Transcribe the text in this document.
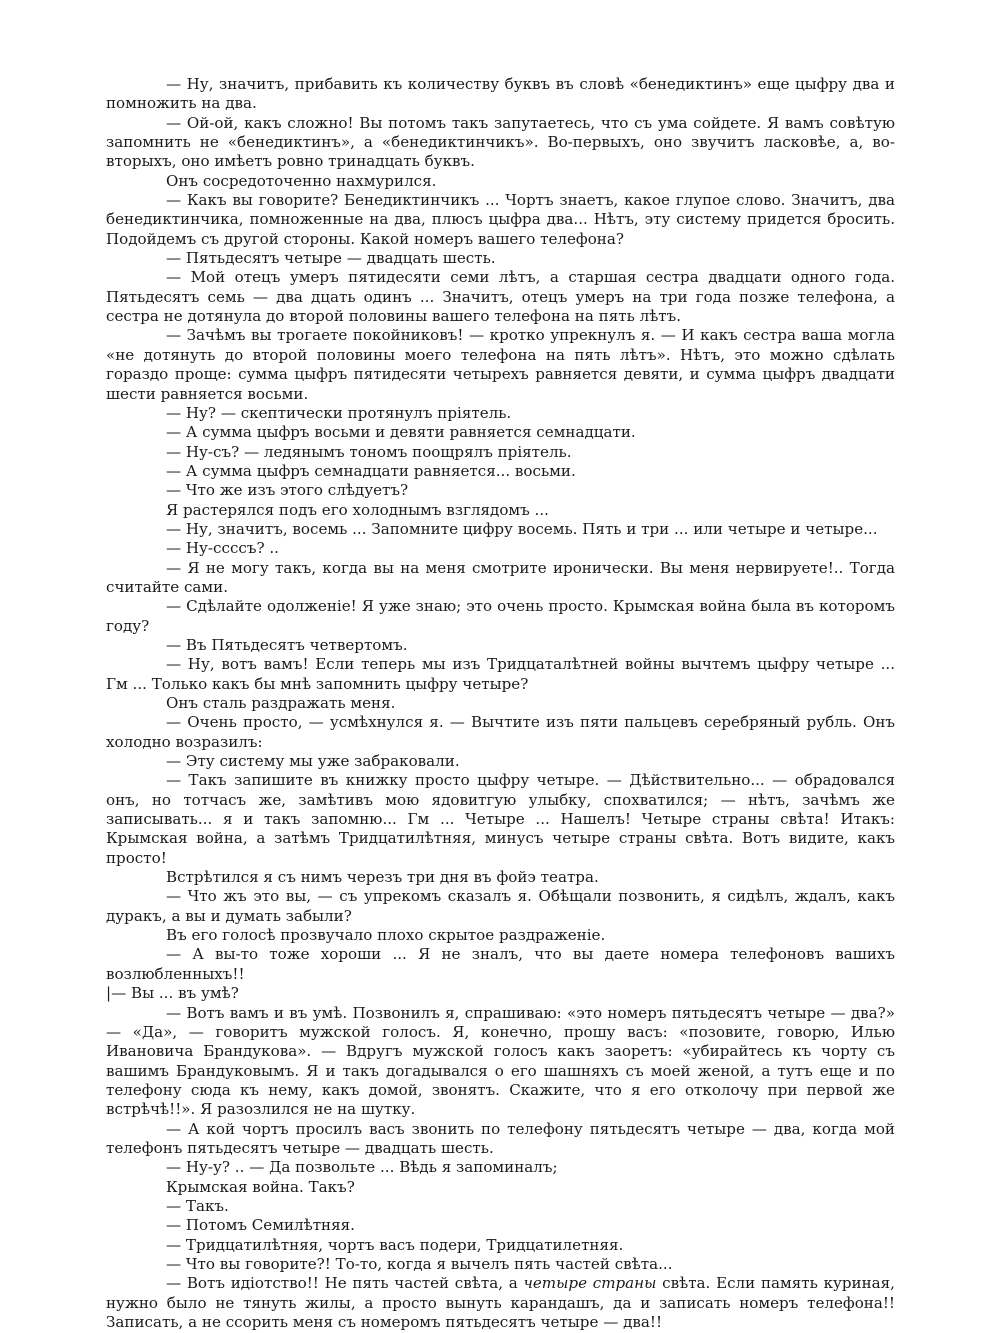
— Ну, значитъ, прибавить къ количеству буквъ въ словѣ «бенедиктинъ» еще цыфру два и помножить на два.

— Ой-ой, какъ сложно! Вы потомъ такъ запутаетесь, что съ ума сойдете. Я вамъ совѣтую запомнить не «бенедиктинъ», а «бенедиктинчикъ». Во-первыхъ, оно звучитъ ласковѣе, а, во-вторыхъ, оно имѣетъ ровно тринадцать буквъ.

Онъ сосредоточенно нахмурился.

— Какъ вы говорите? Бенедиктинчикъ ... Чортъ знаетъ, какое глупое слово. Значитъ, два бенедиктинчика, помноженные на два, плюсъ цыфра два... Нѣтъ, эту систему придется бросить. Подойдемъ съ другой стороны. Какой номеръ вашего телефона?

— Пятьдесятъ четыре — двадцать шесть.

— Мой отецъ умеръ пятидесяти семи лѣтъ, а старшая сестра двадцати одного года. Пятьдесятъ семь — два дцать одинъ ... Значитъ, отецъ умеръ на три года позже телефона, а сестра не дотянула до второй половины вашего телефона на пять лѣтъ.

— Зачѣмъ вы трогаете покойниковъ! — кротко упрекнулъ я. — И какъ сестра ваша могла «не дотянуть до второй половины моего телефона на пять лѣтъ». Нѣтъ, это можно сдѣлать гораздо проще: сумма цыфръ пятидесяти четырехъ равняется девяти, и сумма цыфръ двадцати шести равняется восьми.

— Ну? — скептически протянулъ пріятель.

— А сумма цыфръ восьми и девяти равняется семнадцати.

— Ну-съ? — ледянымъ тономъ поощрялъ пріятель.

— А сумма цыфръ семнадцати равняется... восьми.

— Что же изъ этого слѣдуетъ?

Я растерялся подъ его холоднымъ взглядомъ ...

— Ну, значитъ, восемь ... Запомните цифру восемь. Пять и три ... или четыре и четыре...

— Ну-ссссъ? ..

— Я не могу такъ, когда вы на меня смотрите иронически. Вы меня нервируете!.. Тогда считайте сами.

— Сдѣлайте одолженіе! Я уже знаю; это очень просто. Крымская война была въ которомъ году?

— Въ Пятьдесятъ четвертомъ.

— Ну, вотъ вамъ! Если теперь мы изъ Тридцаталѣтней войны вычтемъ цыфру четыре ... Гм ... Только какъ бы мнѣ запомнить цыфру четыре?

Онъ сталь раздражать меня.

— Очень просто, — усмѣхнулся я. — Вычтите изъ пяти пальцевъ серебряный рубль. Онъ холодно возразилъ:

— Эту систему мы уже забраковали.

— Такъ запишите въ книжку просто цыфру четыре. — Дѣйствительно... — обрадовался онъ, но тотчасъ же, замѣтивъ мою ядовитгую улыбку, спохватился; — нѣтъ, зачѣмъ же записывать... я и такъ запомню... Гм ... Четыре ... Нашелъ! Четыре страны свѣта! Итакъ: Крымская война, а затѣмъ Тридцатилѣтняя, минусъ четыре страны свѣта. Вотъ видите, какъ просто!

Встрѣтился я съ нимъ черезъ три дня въ фойэ театра.

— Что жъ это вы, — съ упрекомъ сказалъ я. Обѣщали позвонить, я сидѣлъ, ждалъ, какъ дуракъ, а вы и думать забыли?

Въ его голосѣ прозвучало плохо скрытое раздраженіе.

— А вы-то тоже хороши ... Я не зналъ, что вы даете номера телефоновъ вашихъ возлюбленныхъ!!

|— Вы ... въ умѣ?

— Вотъ вамъ и въ умѣ. Позвонилъ я, спрашиваю: «это номеръ пятьдесятъ четыре — два?» — «Да», — говоритъ мужской голосъ. Я, конечно, прошу васъ: «позовите, говорю, Илью Ивановича Брандукова». — Вдругъ мужской голосъ какъ заоретъ: «убирайтесь къ чорту съ вашимъ Брандуковымъ. Я и такъ догадывался о его шашняхъ съ моей женой, а тутъ еще и по телефону сюда къ нему, какъ домой, звонятъ. Скажите, что я его отколочу при первой же встрѣчѣ!!». Я разозлился не на шутку.

— А кой чортъ просилъ васъ звонить по телефону пятьдесятъ четыре — два, когда мой телефонъ пятьдесятъ четыре — двадцать шесть.

— Ну-у? .. — Да позвольте ... Вѣдь я запоминалъ;

Крымская война. Такъ?

— Такъ.

— Потомъ Семилѣтняя.

— Тридцатилѣтняя, чортъ васъ подери, Тридцатилетняя.

— Что вы говорите?! То-то, когда я вычелъ пять частей свѣта...

— Вотъ идіотство!! Не пять частей свѣта, а четыре страны свѣта. Если память куриная, нужно было не тянуть жилы, а просто вынуть карандашъ, да и записать номеръ телефона!! Записать, а не ссорить меня съ номеромъ пятьдесятъ четыре — два!!
